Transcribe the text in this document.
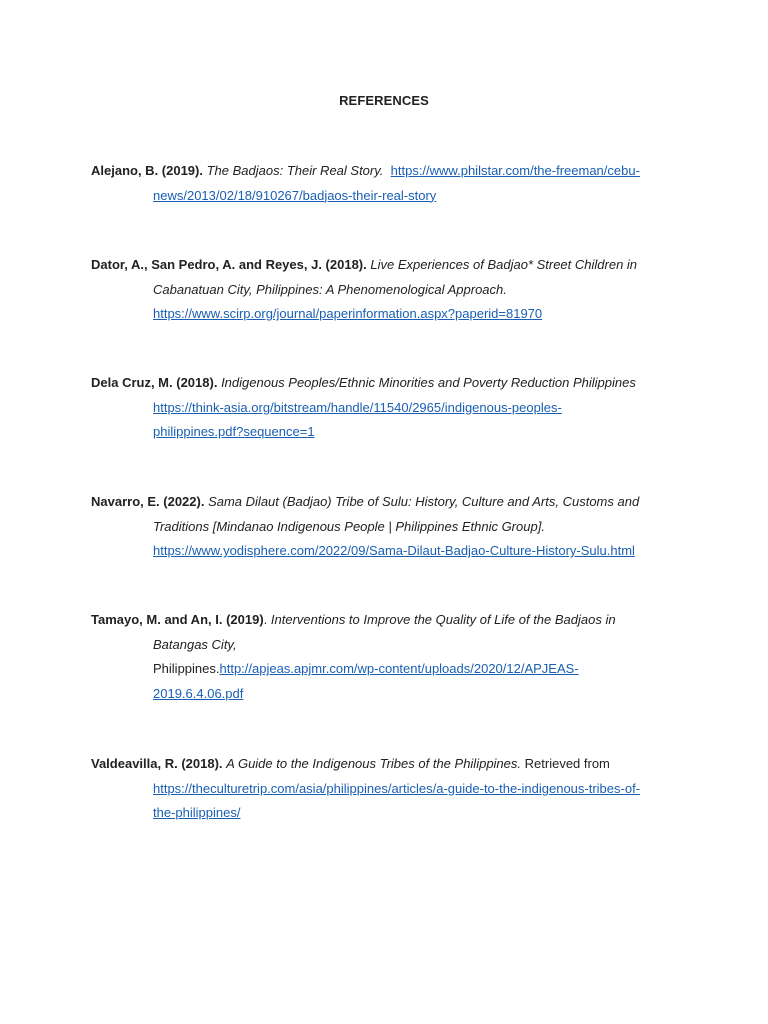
REFERENCES
Alejano, B. (2019). The Badjaos: Their Real Story. https://www.philstar.com/the-freeman/cebu-
news/2013/02/18/910267/badjaos-their-real-story
Dator, A., San Pedro, A. and Reyes, J. (2018). Live Experiences of Badjao* Street Children in
Cabanatuan City, Philippines: A Phenomenological Approach.
https://www.scirp.org/journal/paperinformation.aspx?paperid=81970
Dela Cruz, M. (2018). Indigenous Peoples/Ethnic Minorities and Poverty Reduction Philippines
https://think-asia.org/bitstream/handle/11540/2965/indigenous-peoples-
philippines.pdf?sequence=1
Navarro, E. (2022). Sama Dilaut (Badjao) Tribe of Sulu: History, Culture and Arts, Customs and
Traditions [Mindanao Indigenous People | Philippines Ethnic Group].
https://www.yodisphere.com/2022/09/Sama-Dilaut-Badjao-Culture-History-Sulu.html
Tamayo, M. and An, I. (2019). Interventions to Improve the Quality of Life of the Badjaos in
Batangas City,
Philippines.http://apjeas.apjmr.com/wp-content/uploads/2020/12/APJEAS-
2019.6.4.06.pdf
Valdeavilla, R. (2018). A Guide to the Indigenous Tribes of the Philippines. Retrieved from
https://theculturetrip.com/asia/philippines/articles/a-guide-to-the-indigenous-tribes-of-
the-philippines/
